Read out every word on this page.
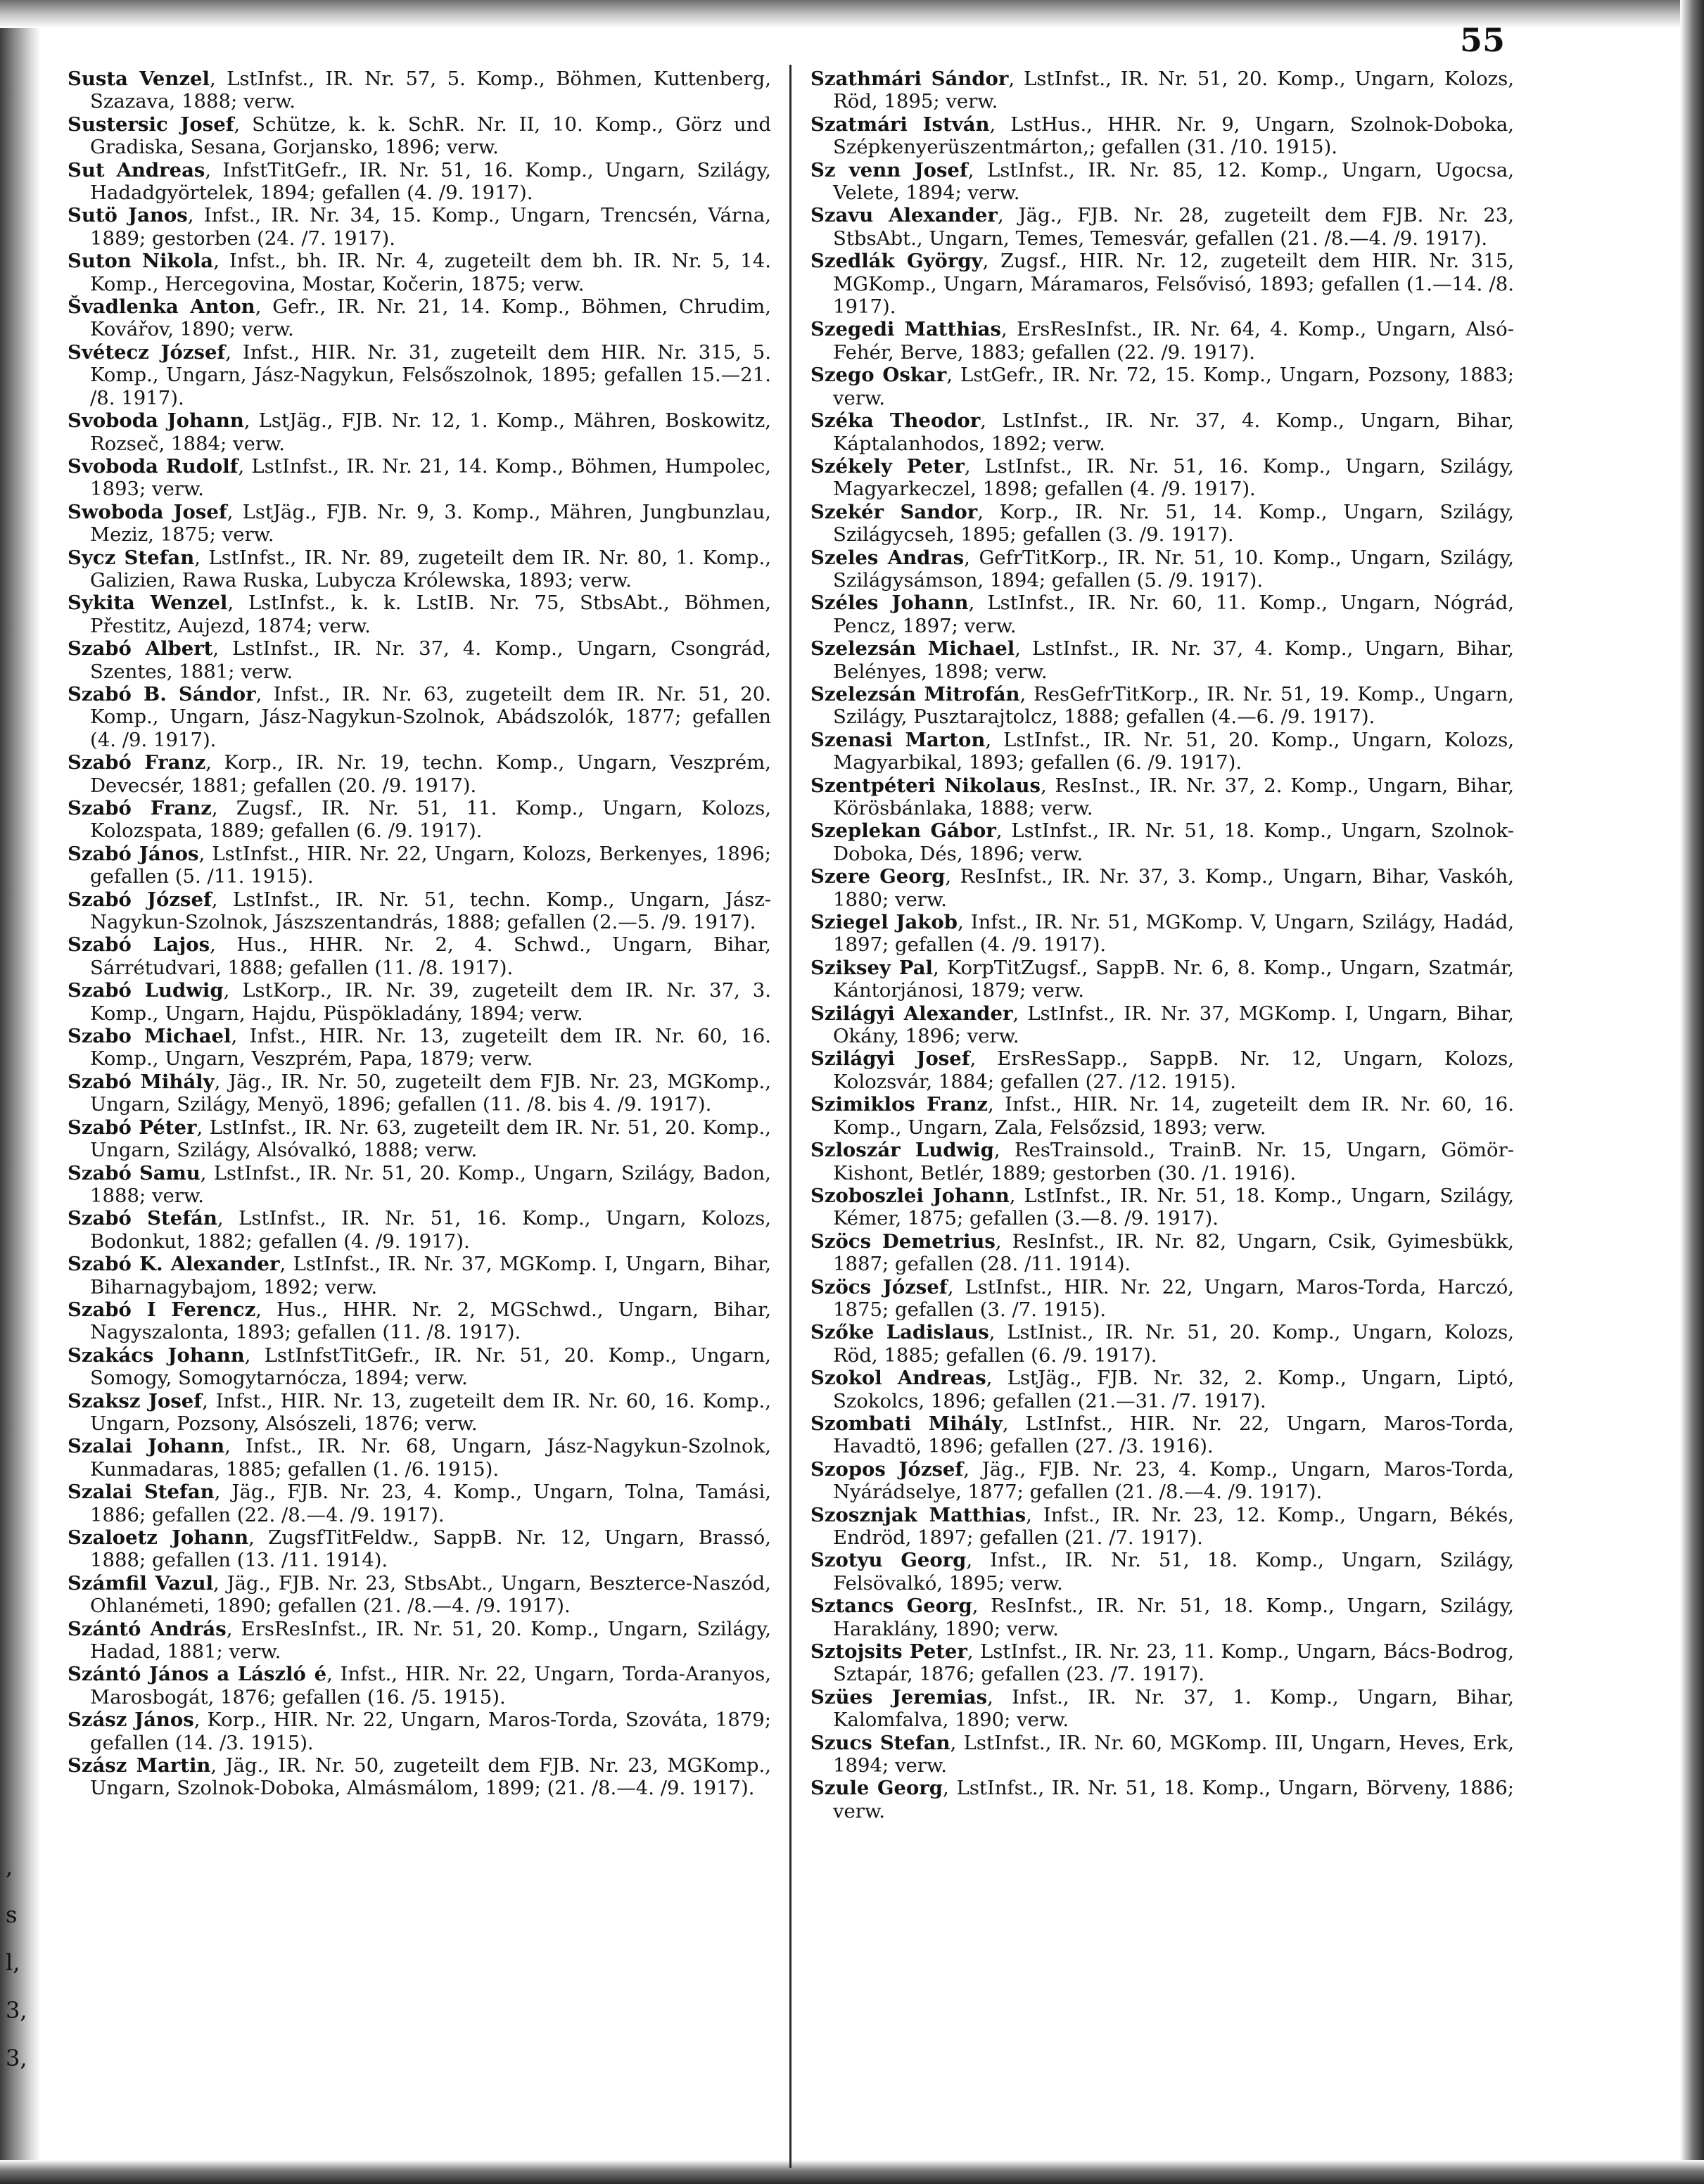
55
,
s
l,
3,
3,

Susta Venzel, LstInfst., IR. Nr. 57, 5. Komp., Böhmen, Kuttenberg, Szazava, 1888; verw.

Sustersic Josef, Schütze, k. k. SchR. Nr. II, 10. Komp., Görz und Gradiska, Sesana, Gorjansko, 1896; verw.

Sut Andreas, InfstTitGefr., IR. Nr. 51, 16. Komp., Ungarn, Szilágy, Hadadgyörtelek, 1894; gefallen (4. /9. 1917).

Sutö Janos, Infst., IR. Nr. 34, 15. Komp., Ungarn, Trencsén, Várna, 1889; gestorben (24. /7. 1917).

Suton Nikola, Infst., bh. IR. Nr. 4, zugeteilt dem bh. IR. Nr. 5, 14. Komp., Hercegovina, Mostar, Kočerin, 1875; verw.

Švadlenka Anton, Gefr., IR. Nr. 21, 14. Komp., Böhmen, Chrudim, Kovářov, 1890; verw.

Svétecz József, Infst., HIR. Nr. 31, zugeteilt dem HIR. Nr. 315, 5. Komp., Ungarn, Jász-Nagykun, Felsőszolnok, 1895; gefallen 15.—21. /8. 1917).

Svoboda Johann, LstJäg., FJB. Nr. 12, 1. Komp., Mähren, Boskowitz, Rozseč, 1884; verw.

Svoboda Rudolf, LstInfst., IR. Nr. 21, 14. Komp., Böhmen, Humpolec, 1893; verw.

Swoboda Josef, LstJäg., FJB. Nr. 9, 3. Komp., Mähren, Jungbunzlau, Meziz, 1875; verw.

Sycz Stefan, LstInfst., IR. Nr. 89, zugeteilt dem IR. Nr. 80, 1. Komp., Galizien, Rawa Ruska, Lubycza Królewska, 1893; verw.

Sykita Wenzel, LstInfst., k. k. LstIB. Nr. 75, StbsAbt., Böhmen, Přestitz, Aujezd, 1874; verw.

Szabó Albert, LstInfst., IR. Nr. 37, 4. Komp., Ungarn, Csongrád, Szentes, 1881; verw.

Szabó B. Sándor, Infst., IR. Nr. 63, zugeteilt dem IR. Nr. 51, 20. Komp., Ungarn, Jász-Nagykun-Szolnok, Abádszolók, 1877; gefallen (4. /9. 1917).

Szabó Franz, Korp., IR. Nr. 19, techn. Komp., Ungarn, Veszprém, Devecsér, 1881; gefallen (20. /9. 1917).

Szabó Franz, Zugsf., IR. Nr. 51, 11. Komp., Ungarn, Kolozs, Kolozspata, 1889; gefallen (6. /9. 1917).

Szabó János, LstInfst., HIR. Nr. 22, Ungarn, Kolozs, Berkenyes, 1896; gefallen (5. /11. 1915).

Szabó József, LstInfst., IR. Nr. 51, techn. Komp., Ungarn, Jász-Nagykun-Szolnok, Jászszentandrás, 1888; gefallen (2.—5. /9. 1917).

Szabó Lajos, Hus., HHR. Nr. 2, 4. Schwd., Ungarn, Bihar, Sárrétudvari, 1888; gefallen (11. /8. 1917).

Szabó Ludwig, LstKorp., IR. Nr. 39, zugeteilt dem IR. Nr. 37, 3. Komp., Ungarn, Hajdu, Püspökladány, 1894; verw.

Szabo Michael, Infst., HIR. Nr. 13, zugeteilt dem IR. Nr. 60, 16. Komp., Ungarn, Veszprém, Papa, 1879; verw.

Szabó Mihály, Jäg., IR. Nr. 50, zugeteilt dem FJB. Nr. 23, MGKomp., Ungarn, Szilágy, Menyö, 1896; gefallen (11. /8. bis 4. /9. 1917).

Szabó Péter, LstInfst., IR. Nr. 63, zugeteilt dem IR. Nr. 51, 20. Komp., Ungarn, Szilágy, Alsóvalkó, 1888; verw.

Szabó Samu, LstInfst., IR. Nr. 51, 20. Komp., Ungarn, Szilágy, Badon, 1888; verw.

Szabó Stefán, LstInfst., IR. Nr. 51, 16. Komp., Ungarn, Kolozs, Bodonkut, 1882; gefallen (4. /9. 1917).

Szabó K. Alexander, LstInfst., IR. Nr. 37, MGKomp. I, Ungarn, Bihar, Biharnagybajom, 1892; verw.

Szabó I Ferencz, Hus., HHR. Nr. 2, MGSchwd., Ungarn, Bihar, Nagyszalonta, 1893; gefallen (11. /8. 1917).

Szakács Johann, LstInfstTitGefr., IR. Nr. 51, 20. Komp., Ungarn, Somogy, Somogytarnócza, 1894; verw.

Szaksz Josef, Infst., HIR. Nr. 13, zugeteilt dem IR. Nr. 60, 16. Komp., Ungarn, Pozsony, Alsószeli, 1876; verw.

Szalai Johann, Infst., IR. Nr. 68, Ungarn, Jász-Nagykun-Szolnok, Kunmadaras, 1885; gefallen (1. /6. 1915).

Szalai Stefan, Jäg., FJB. Nr. 23, 4. Komp., Ungarn, Tolna, Tamási, 1886; gefallen (22. /8.—4. /9. 1917).

Szaloetz Johann, ZugsfTitFeldw., SappB. Nr. 12, Ungarn, Brassó, 1888; gefallen (13. /11. 1914).

Számfil Vazul, Jäg., FJB. Nr. 23, StbsAbt., Ungarn, Beszterce-Naszód, Ohlanémeti, 1890; gefallen (21. /8.—4. /9. 1917).

Szántó András, ErsResInfst., IR. Nr. 51, 20. Komp., Ungarn, Szilágy, Hadad, 1881; verw.

Szántó János a László é, Infst., HIR. Nr. 22, Ungarn, Torda-Aranyos, Marosbogát, 1876; gefallen (16. /5. 1915).

Szász János, Korp., HIR. Nr. 22, Ungarn, Maros-Torda, Szováta, 1879; gefallen (14. /3. 1915).

Szász Martin, Jäg., IR. Nr. 50, zugeteilt dem FJB. Nr. 23, MGKomp., Ungarn, Szolnok-Doboka, Almásmálom, 1899; (21. /8.—4. /9. 1917).

Szathmári Sándor, LstInfst., IR. Nr. 51, 20. Komp., Ungarn, Kolozs, Röd, 1895; verw.

Szatmári István, LstHus., HHR. Nr. 9, Ungarn, Szolnok-Doboka, Szépkenyerüszentmárton,; gefallen (31. /10. 1915).

Sz venn Josef, LstInfst., IR. Nr. 85, 12. Komp., Ungarn, Ugocsa, Velete, 1894; verw.

Szavu Alexander, Jäg., FJB. Nr. 28, zugeteilt dem FJB. Nr. 23, StbsAbt., Ungarn, Temes, Temesvár, gefallen (21. /8.—4. /9. 1917).

Szedlák György, Zugsf., HIR. Nr. 12, zugeteilt dem HIR. Nr. 315, MGKomp., Ungarn, Máramaros, Felsővisó, 1893; gefallen (1.—14. /8. 1917).

Szegedi Matthias, ErsResInfst., IR. Nr. 64, 4. Komp., Ungarn, Alsó-Fehér, Berve, 1883; gefallen (22. /9. 1917).

Szego Oskar, LstGefr., IR. Nr. 72, 15. Komp., Ungarn, Pozsony, 1883; verw.

Széka Theodor, LstInfst., IR. Nr. 37, 4. Komp., Ungarn, Bihar, Káptalanhodos, 1892; verw.

Székely Peter, LstInfst., IR. Nr. 51, 16. Komp., Ungarn, Szilágy, Magyarkeczel, 1898; gefallen (4. /9. 1917).

Szekér Sandor, Korp., IR. Nr. 51, 14. Komp., Ungarn, Szilágy, Szilágycseh, 1895; gefallen (3. /9. 1917).

Szeles Andras, GefrTitKorp., IR. Nr. 51, 10. Komp., Ungarn, Szilágy, Szilágysámson, 1894; gefallen (5. /9. 1917).

Széles Johann, LstInfst., IR. Nr. 60, 11. Komp., Ungarn, Nógrád, Pencz, 1897; verw.

Szelezsán Michael, LstInfst., IR. Nr. 37, 4. Komp., Ungarn, Bihar, Belényes, 1898; verw.

Szelezsán Mitrofán, ResGefrTitKorp., IR. Nr. 51, 19. Komp., Ungarn, Szilágy, Pusztarajtolcz, 1888; gefallen (4.—6. /9. 1917).

Szenasi Marton, LstInfst., IR. Nr. 51, 20. Komp., Ungarn, Kolozs, Magyarbikal, 1893; gefallen (6. /9. 1917).

Szentpéteri Nikolaus, ResInst., IR. Nr. 37, 2. Komp., Ungarn, Bihar, Körösbánlaka, 1888; verw.

Szeplekan Gábor, LstInfst., IR. Nr. 51, 18. Komp., Ungarn, Szolnok-Doboka, Dés, 1896; verw.

Szere Georg, ResInfst., IR. Nr. 37, 3. Komp., Ungarn, Bihar, Vaskóh, 1880; verw.

Sziegel Jakob, Infst., IR. Nr. 51, MGKomp. V, Ungarn, Szilágy, Hadád, 1897; gefallen (4. /9. 1917).

Sziksey Pal, KorpTitZugsf., SappB. Nr. 6, 8. Komp., Ungarn, Szatmár, Kántorjánosi, 1879; verw.

Szilágyi Alexander, LstInfst., IR. Nr. 37, MGKomp. I, Ungarn, Bihar, Okány, 1896; verw.

Szilágyi Josef, ErsResSapp., SappB. Nr. 12, Ungarn, Kolozs, Kolozsvár, 1884; gefallen (27. /12. 1915).

Szimiklos Franz, Infst., HIR. Nr. 14, zugeteilt dem IR. Nr. 60, 16. Komp., Ungarn, Zala, Felsőzsid, 1893; verw.

Szloszár Ludwig, ResTrainsold., TrainB. Nr. 15, Ungarn, Gömör-Kishont, Betlér, 1889; gestorben (30. /1. 1916).

Szoboszlei Johann, LstInfst., IR. Nr. 51, 18. Komp., Ungarn, Szilágy, Kémer, 1875; gefallen (3.—8. /9. 1917).

Szöcs Demetrius, ResInfst., IR. Nr. 82, Ungarn, Csik, Gyimesbükk, 1887; gefallen (28. /11. 1914).

Szöcs József, LstInfst., HIR. Nr. 22, Ungarn, Maros-Torda, Harczó, 1875; gefallen (3. /7. 1915).

Szőke Ladislaus, LstInist., IR. Nr. 51, 20. Komp., Ungarn, Kolozs, Röd, 1885; gefallen (6. /9. 1917).

Szokol Andreas, LstJäg., FJB. Nr. 32, 2. Komp., Ungarn, Liptó, Szokolcs, 1896; gefallen (21.—31. /7. 1917).

Szombati Mihály, LstInfst., HIR. Nr. 22, Ungarn, Maros-Torda, Havadtö, 1896; gefallen (27. /3. 1916).

Szopos József, Jäg., FJB. Nr. 23, 4. Komp., Ungarn, Maros-Torda, Nyárádselye, 1877; gefallen (21. /8.—4. /9. 1917).

Szosznjak Matthias, Infst., IR. Nr. 23, 12. Komp., Ungarn, Békés, Endröd, 1897; gefallen (21. /7. 1917).

Szotyu Georg, Infst., IR. Nr. 51, 18. Komp., Ungarn, Szilágy, Felsövalkó, 1895; verw.

Sztancs Georg, ResInfst., IR. Nr. 51, 18. Komp., Ungarn, Szilágy, Haraklány, 1890; verw.

Sztojsits Peter, LstInfst., IR. Nr. 23, 11. Komp., Ungarn, Bács-Bodrog, Sztapár, 1876; gefallen (23. /7. 1917).

Szües Jeremias, Infst., IR. Nr. 37, 1. Komp., Ungarn, Bihar, Kalomfalva, 1890; verw.

Szucs Stefan, LstInfst., IR. Nr. 60, MGKomp. III, Ungarn, Heves, Erk, 1894; verw.

Szule Georg, LstInfst., IR. Nr. 51, 18. Komp., Ungarn, Börveny, 1886; verw.
